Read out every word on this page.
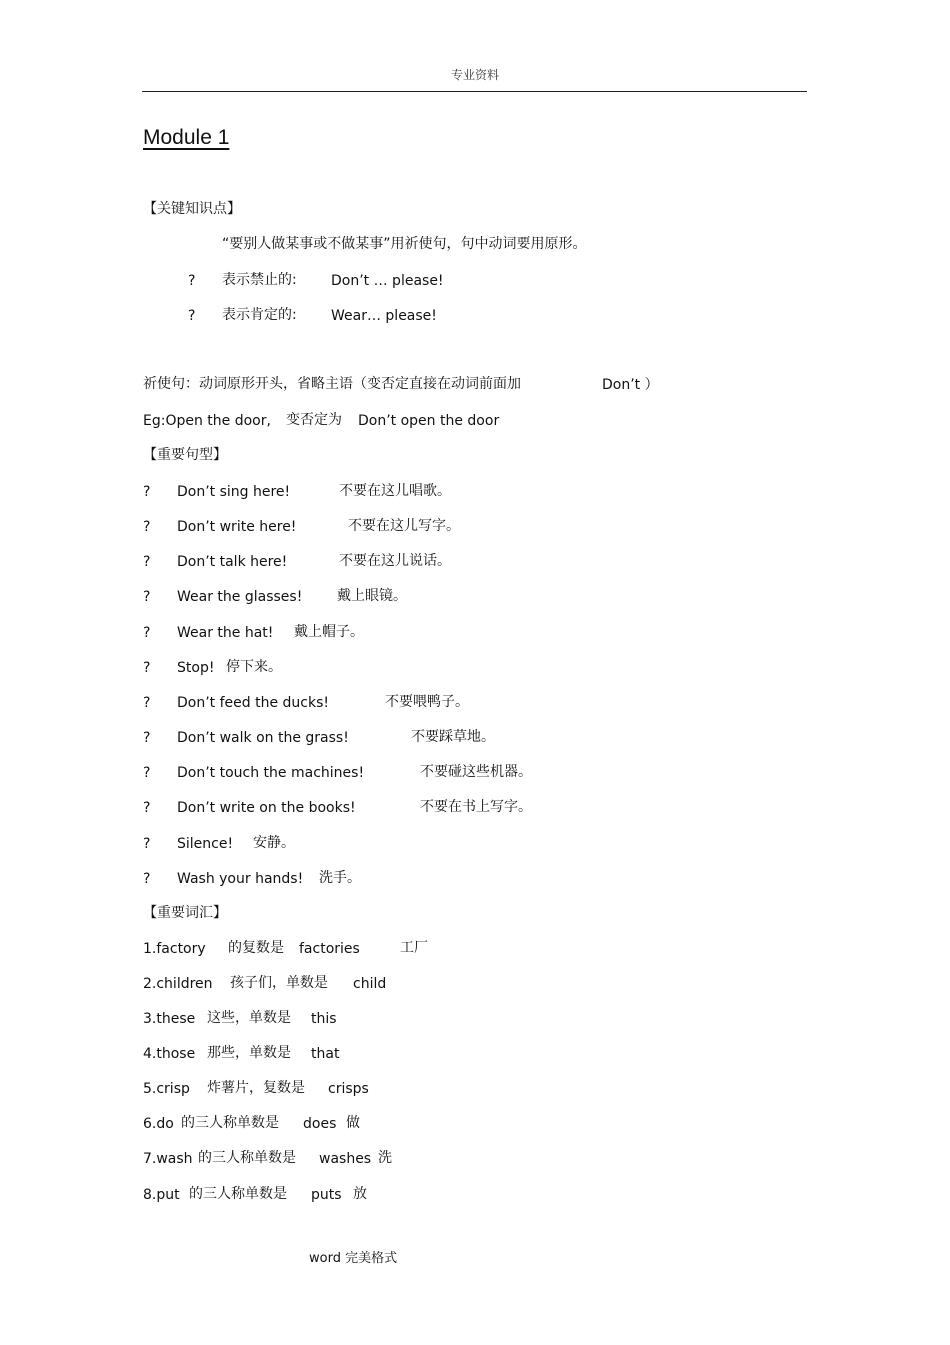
专业资料
Module 1
【关键知识点】
“要别人做某事或不做某事”用祈使句，句中动词要用原形。
? 表示禁止的: Don’t … please!
? 表示肯定的: Wear… please!
祈使句：动词原形开头，省略主语（变否定直接在动词前面加	Don’t ）
Eg:Open the door, 变否定为 Don’t open the door
【重要句型】
? Don’t sing here!	不要在这儿唱歌。
? Don’t write here!	不要在这儿写字。
? Don’t talk here!	不要在这儿说话。
? Wear the glasses! 戴上眼镜。
? Wear the hat! 戴上帽子。
? Stop! 停下来。
? Don’t feed the ducks!	不要喂鸭子。
? Don’t walk on the grass!	不要踩草地。
? Don’t touch the machines!	不要碰这些机器。
? Don’t write on the books!	不要在书上写字。
? Silence! 安静。
? Wash your hands! 洗手。
【重要词汇】
1.factory 的复数是 factories	工厂
2.children 孩子们，单数是 child
3.these 这些，单数是 this
4.those 那些，单数是 that
5.crisp 炸薯片，复数是 crisps
6.do 的三人称单数是 does 做
7.wash 的三人称单数是 washes 洗
8.put 的三人称单数是 puts 放
word 完美格式
